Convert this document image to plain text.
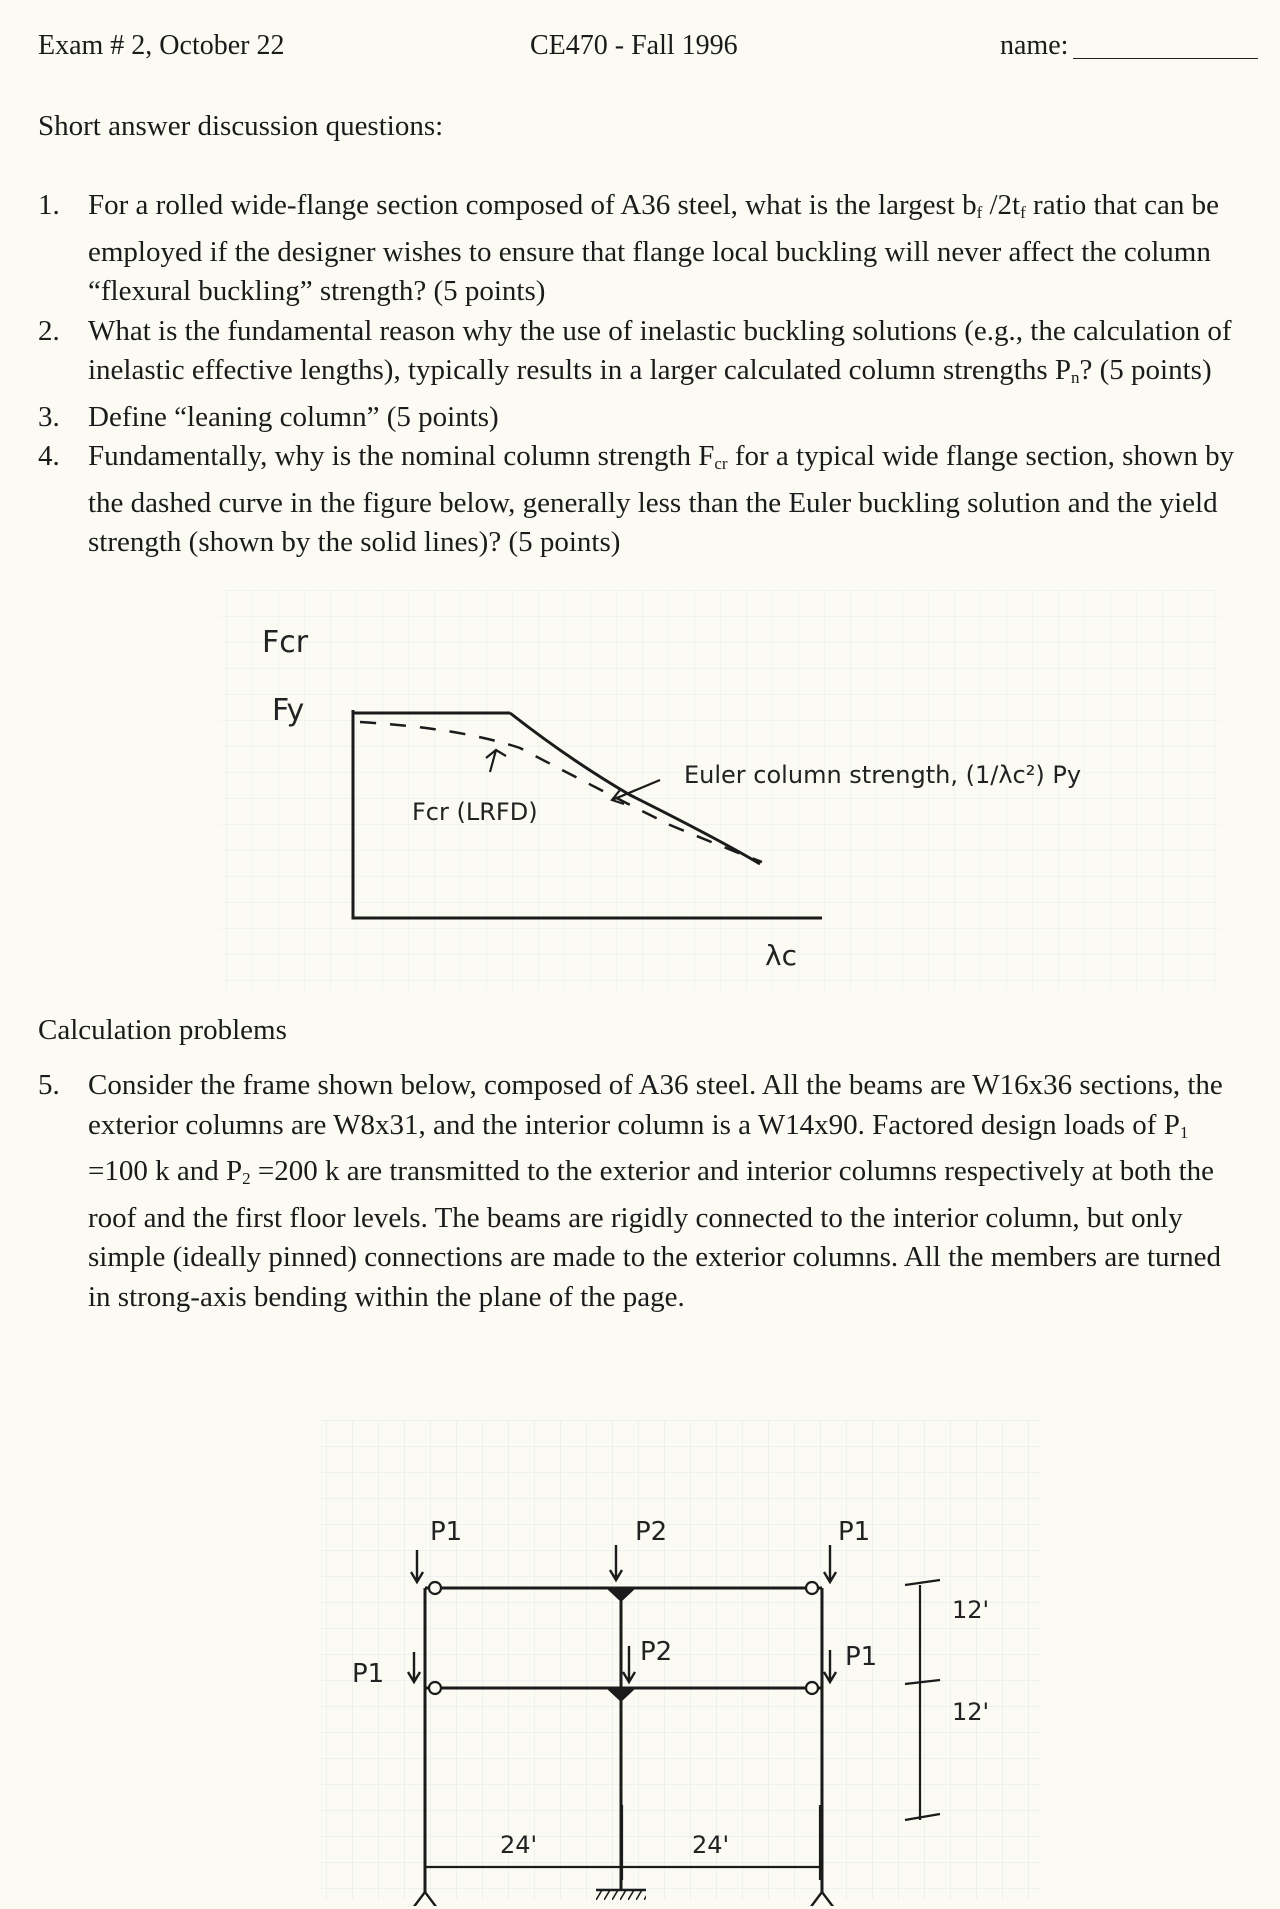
Exam # 2, October 22	CE470 - Fall 1996	name:
Short answer discussion questions:
1. For a rolled wide-flange section composed of A36 steel, what is the largest $b_f$ $/2t_f$ ratio that can be employed if the designer wishes to ensure that flange local buckling will never affect the column “flexural buckling” strength? (5 points)
2. What is the fundamental reason why the use of inelastic buckling solutions (e.g., the calculation of inelastic effective lengths), typically results in a larger calculated column strengths $P_n$? (5 points)
3. Define “leaning column” (5 points)
4. Fundamentally, why is the nominal column strength $F_{cr}$ for a typical wide flange section, shown by the dashed curve in the figure below, generally less than the Euler buckling solution and the yield strength (shown by the solid lines)? (5 points)
Fcr
Fy
Fcr (LRFD)
Euler column strength, (1/λc²) Py
λc
Calculation problems
5. Consider the frame shown below, composed of A36 steel. All the beams are W16x36 sections, the exterior columns are W8x31, and the interior column is a W14x90. Factored design loads of $P_1 =100$ k and $P_2 =200$ k are transmitted to the exterior and interior columns respectively at both the roof and the first floor levels. The beams are rigidly connected to the interior column, but only simple (ideally pinned) connections are made to the exterior columns. All the members are turned in strong-axis bending within the plane of the page.
P1	P2	P1
P1
P2	P1
12'
12'
24'	24'
